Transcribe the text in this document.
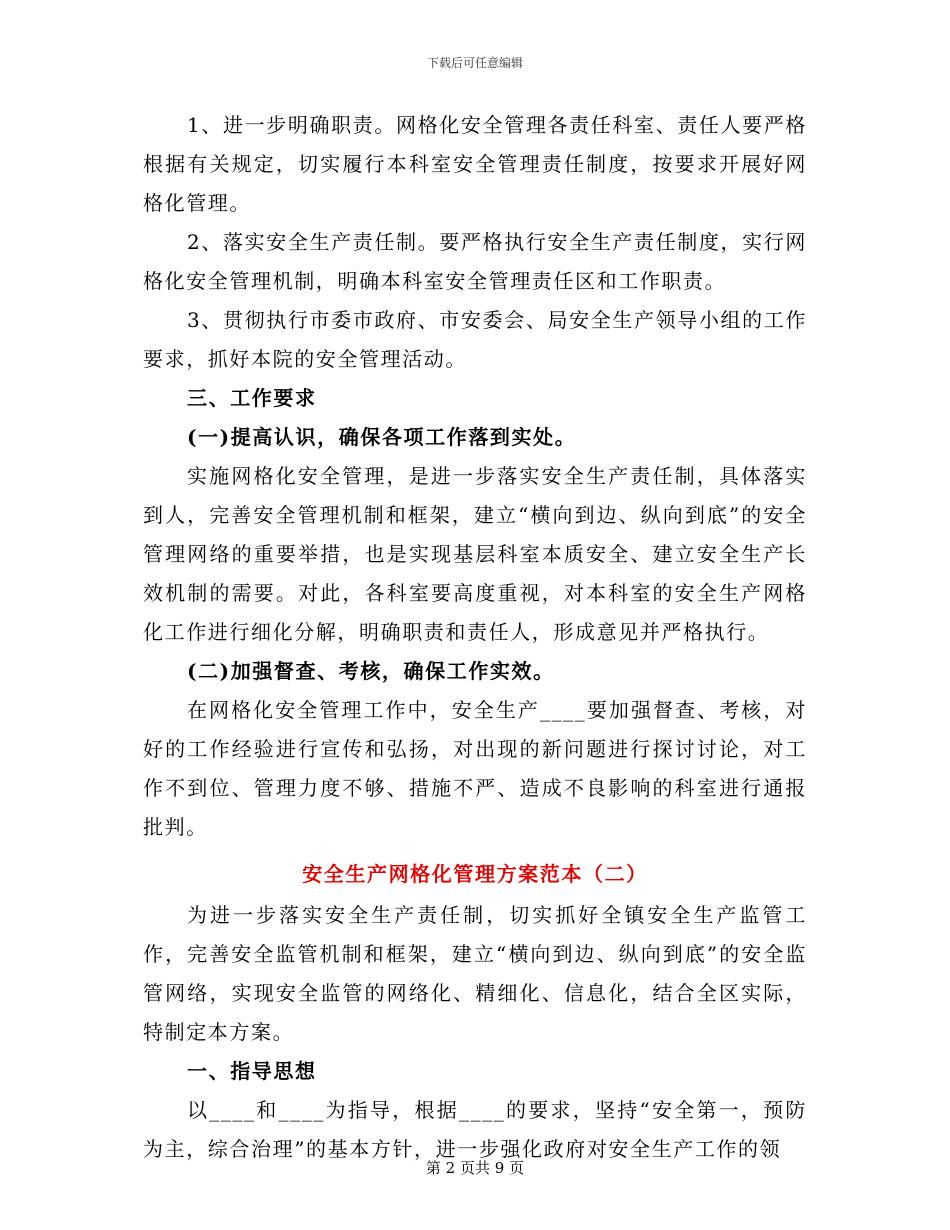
下载后可任意编辑

1、进一步明确职责。网格化安全管理各责任科室、责任人要严格根据有关规定，切实履行本科室安全管理责任制度，按要求开展好网格化管理。

2、落实安全生产责任制。要严格执行安全生产责任制度，实行网格化安全管理机制，明确本科室安全管理责任区和工作职责。

3、贯彻执行市委市政府、市安委会、局安全生产领导小组的工作要求，抓好本院的安全管理活动。

三、工作要求

(一)提高认识，确保各项工作落到实处。

实施网格化安全管理，是进一步落实安全生产责任制，具体落实到人，完善安全管理机制和框架，建立“横向到边、纵向到底”的安全管理网络的重要举措，也是实现基层科室本质安全、建立安全生产长效机制的需要。对此，各科室要高度重视，对本科室的安全生产网格化工作进行细化分解，明确职责和责任人，形成意见并严格执行。

(二)加强督查、考核，确保工作实效。

在网格化安全管理工作中，安全生产____要加强督查、考核，对好的工作经验进行宣传和弘扬，对出现的新问题进行探讨讨论，对工作不到位、管理力度不够、措施不严、造成不良影响的科室进行通报批判。

安全生产网格化管理方案范本（二）

为进一步落实安全生产责任制，切实抓好全镇安全生产监管工作，完善安全监管机制和框架，建立“横向到边、纵向到底”的安全监管网络，实现安全监管的网络化、精细化、信息化，结合全区实际，特制定本方案。

一、指导思想

以____和____为指导，根据____的要求，坚持“安全第一，预防为主，综合治理”的基本方针，进一步强化政府对安全生产工作的领

第 2 页共 9 页
